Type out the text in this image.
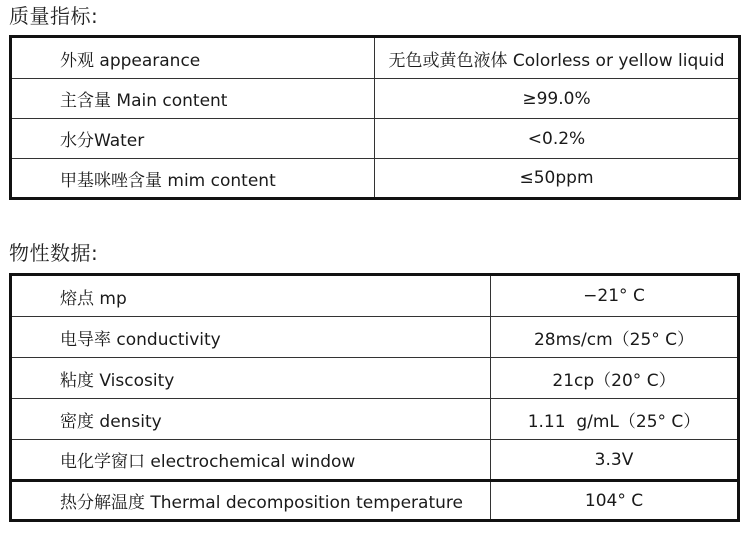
质量指标:
外观 appearance	无色或黄色液体 Colorless or yellow liquid
主含量 Main content	≥99.0%
水分Water	<0.2%
甲基咪唑含量 mim content	≤50ppm
物性数据:
熔点 mp	−21° C
电导率 conductivity	28ms/cm（25° C）
粘度 Viscosity	21cp（20° C）
密度 density	1.11  g/mL（25° C）
电化学窗口 electrochemical window	3.3V
热分解温度 Thermal decomposition temperature	104° C
